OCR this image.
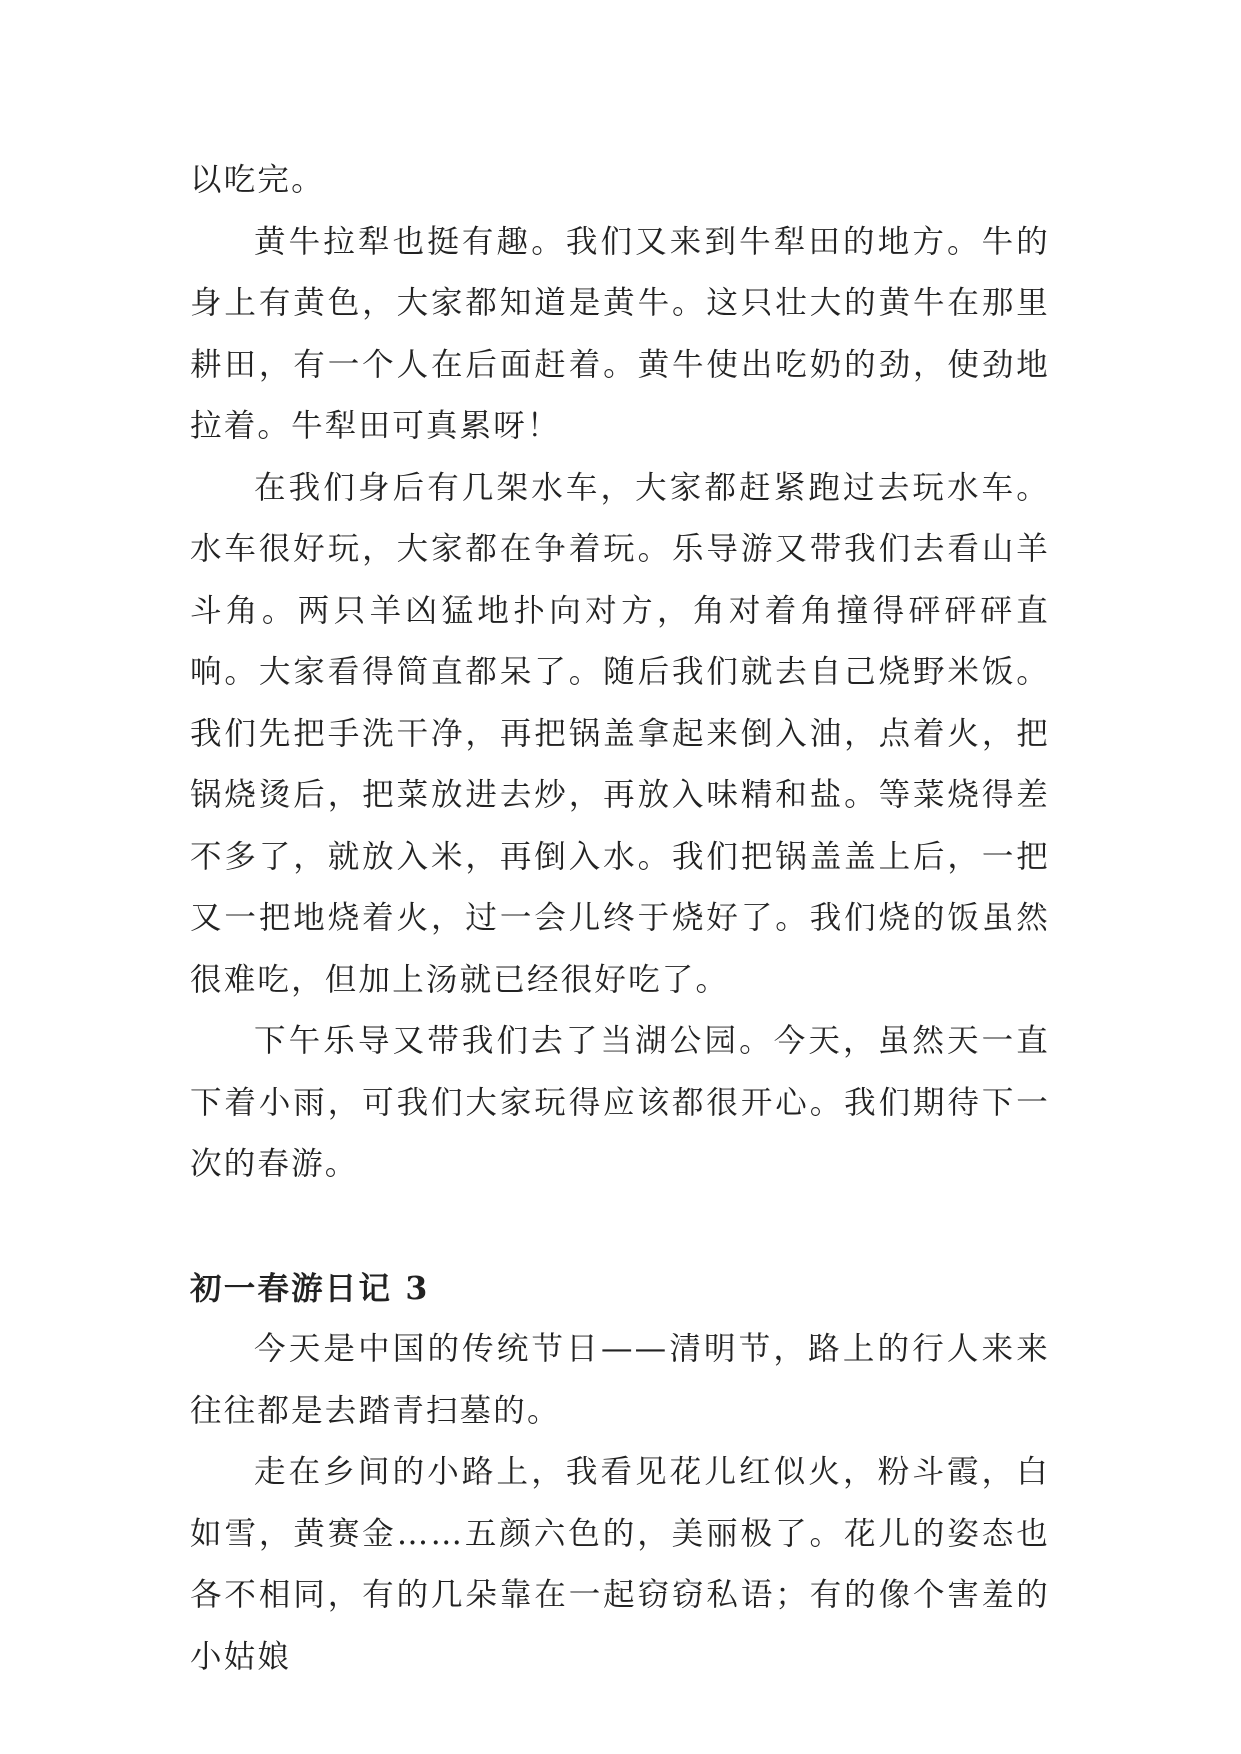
以吃完。

黄牛拉犁也挺有趣。我们又来到牛犁田的地方。牛的身上有黄色，大家都知道是黄牛。这只壮大的黄牛在那里耕田，有一个人在后面赶着。黄牛使出吃奶的劲，使劲地拉着。牛犁田可真累呀！

在我们身后有几架水车，大家都赶紧跑过去玩水车。水车很好玩，大家都在争着玩。乐导游又带我们去看山羊斗角。两只羊凶猛地扑向对方，角对着角撞得砰砰砰直响。大家看得简直都呆了。随后我们就去自己烧野米饭。我们先把手洗干净，再把锅盖拿起来倒入油，点着火，把锅烧烫后，把菜放进去炒，再放入味精和盐。等菜烧得差不多了，就放入米，再倒入水。我们把锅盖盖上后，一把又一把地烧着火，过一会儿终于烧好了。我们烧的饭虽然很难吃，但加上汤就已经很好吃了。

下午乐导又带我们去了当湖公园。今天，虽然天一直下着小雨，可我们大家玩得应该都很开心。我们期待下一次的春游。

初一春游日记 3

今天是中国的传统节日——清明节，路上的行人来来往往都是去踏青扫墓的。

走在乡间的小路上，我看见花儿红似火，粉斗霞，白如雪，黄赛金……五颜六色的，美丽极了。花儿的姿态也各不相同，有的几朵靠在一起窃窃私语；有的像个害羞的小姑娘
